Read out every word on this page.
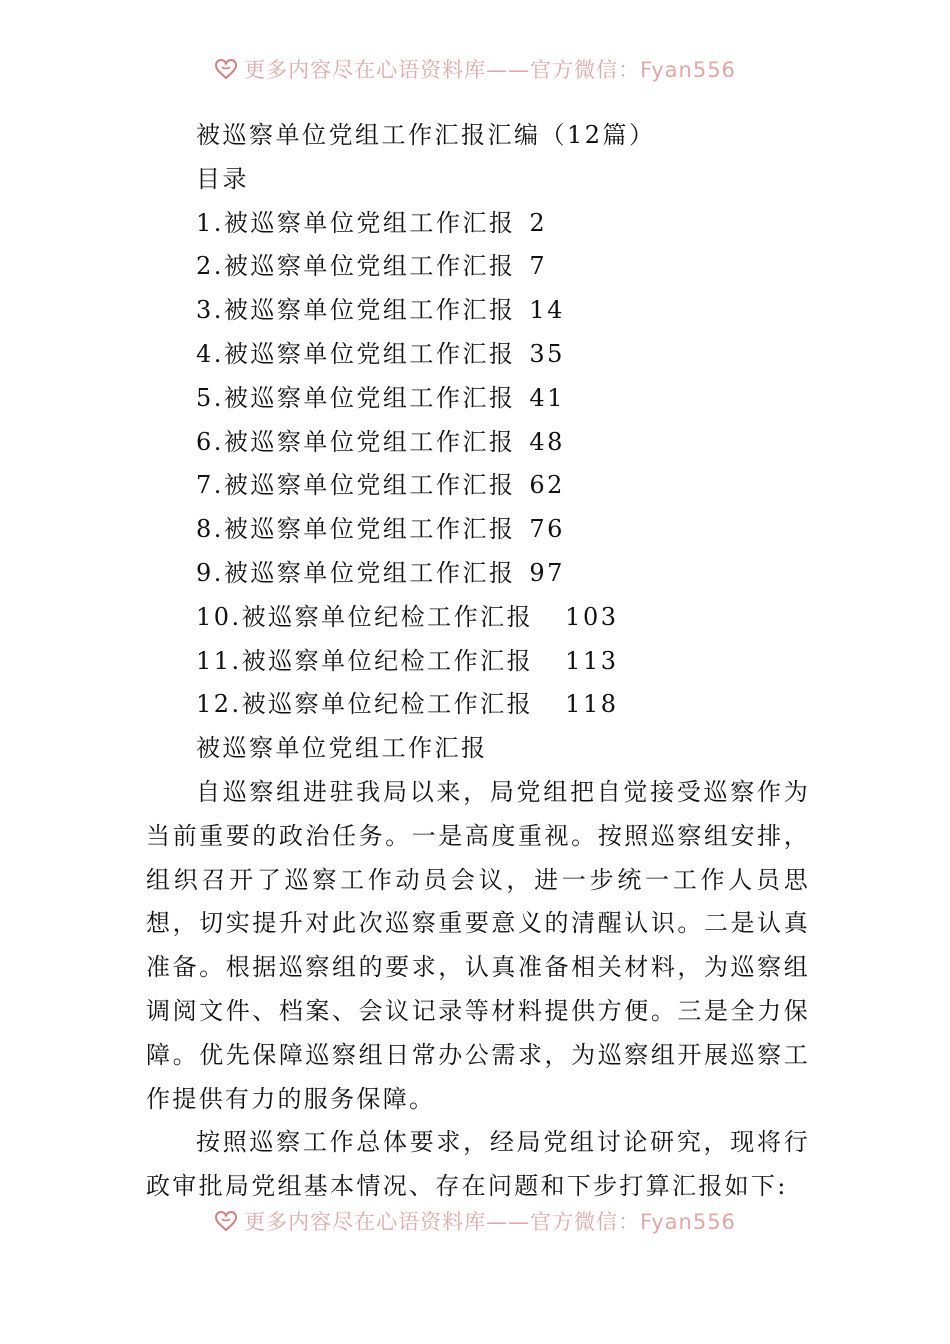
更多内容尽在心语资料库——官方微信：Fyan556
被巡察单位党组工作汇报汇编（12篇）
目录
1.被巡察单位党组工作汇报 2
2.被巡察单位党组工作汇报 7
3.被巡察单位党组工作汇报 14
4.被巡察单位党组工作汇报 35
5.被巡察单位党组工作汇报 41
6.被巡察单位党组工作汇报 48
7.被巡察单位党组工作汇报 62
8.被巡察单位党组工作汇报 76
9.被巡察单位党组工作汇报 97
10.被巡察单位纪检工作汇报 103
11.被巡察单位纪检工作汇报 113
12.被巡察单位纪检工作汇报 118
被巡察单位党组工作汇报

自巡察组进驻我局以来，局党组把自觉接受巡察作为当前重要的政治任务。一是高度重视。按照巡察组安排，组织召开了巡察工作动员会议，进一步统一工作人员思想，切实提升对此次巡察重要意义的清醒认识。二是认真准备。根据巡察组的要求，认真准备相关材料，为巡察组调阅文件、档案、会议记录等材料提供方便。三是全力保障。优先保障巡察组日常办公需求，为巡察组开展巡察工作提供有力的服务保障。

按照巡察工作总体要求，经局党组讨论研究，现将行政审批局党组基本情况、存在问题和下步打算汇报如下:

更多内容尽在心语资料库——官方微信：Fyan556
